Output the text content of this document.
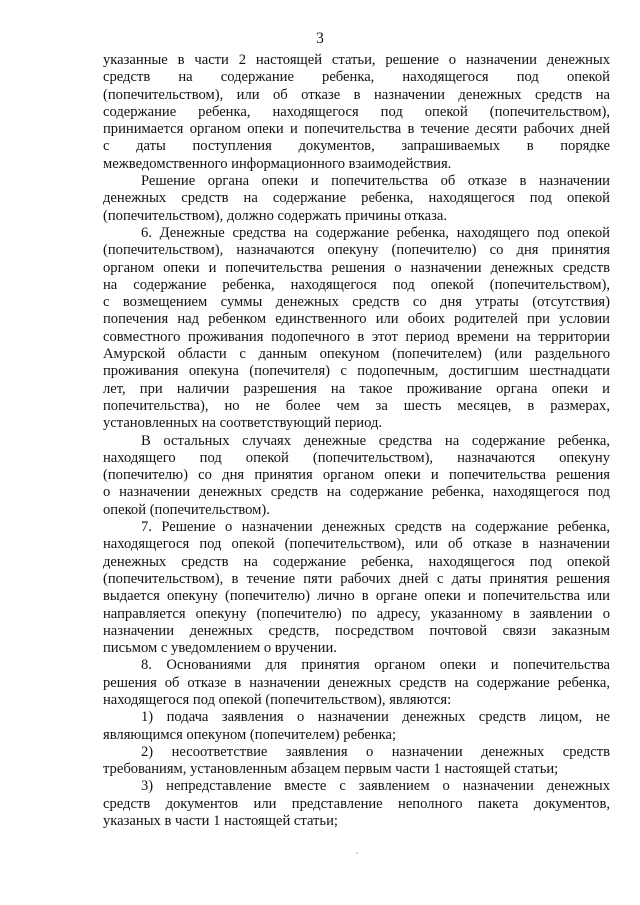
3
указанные в части 2 настоящей статьи, решение о назначении денежных
средств на содержание ребенка, находящегося под опекой
(попечительством), или об отказе в назначении денежных средств на
содержание ребенка, находящегося под опекой (попечительством),
принимается органом опеки и попечительства в течение десяти рабочих дней
с даты поступления документов, запрашиваемых в порядке
межведомственного информационного взаимодействия.
Решение органа опеки и попечительства об отказе в назначении
денежных средств на содержание ребенка, находящегося под опекой
(попечительством), должно содержать причины отказа.
6. Денежные средства на содержание ребенка, находящего под опекой
(попечительством), назначаются опекуну (попечителю) со дня принятия
органом опеки и попечительства решения о назначении денежных средств
на содержание ребенка, находящегося под опекой (попечительством),
с возмещением суммы денежных средств со дня утраты (отсутствия)
попечения над ребенком единственного или обоих родителей при условии
совместного проживания подопечного в этот период времени на территории
Амурской области с данным опекуном (попечителем) (или раздельного
проживания опекуна (попечителя) с подопечным, достигшим шестнадцати
лет, при наличии разрешения на такое проживание органа опеки и
попечительства), но не более чем за шесть месяцев, в размерах,
установленных на соответствующий период.
В остальных случаях денежные средства на содержание ребенка,
находящего под опекой (попечительством), назначаются опекуну
(попечителю) со дня принятия органом опеки и попечительства решения
о назначении денежных средств на содержание ребенка, находящегося под
опекой (попечительством).
7. Решение о назначении денежных средств на содержание ребенка,
находящегося под опекой (попечительством), или об отказе в назначении
денежных средств на содержание ребенка, находящегося под опекой
(попечительством), в течение пяти рабочих дней с даты принятия решения
выдается опекуну (попечителю) лично в органе опеки и попечительства или
направляется опекуну (попечителю) по адресу, указанному в заявлении о
назначении денежных средств, посредством почтовой связи заказным
письмом с уведомлением о вручении.
8. Основаниями для принятия органом опеки и попечительства
решения об отказе в назначении денежных средств на содержание ребенка,
находящегося под опекой (попечительством), являются:
1) подача заявления о назначении денежных средств лицом, не
являющимся опекуном (попечителем) ребенка;
2) несоответствие заявления о назначении денежных средств
требованиям, установленным абзацем первым части 1 настоящей статьи;
3) непредставление вместе с заявлением о назначении денежных
средств документов или представление неполного пакета документов,
указаных в части 1 настоящей статьи;
